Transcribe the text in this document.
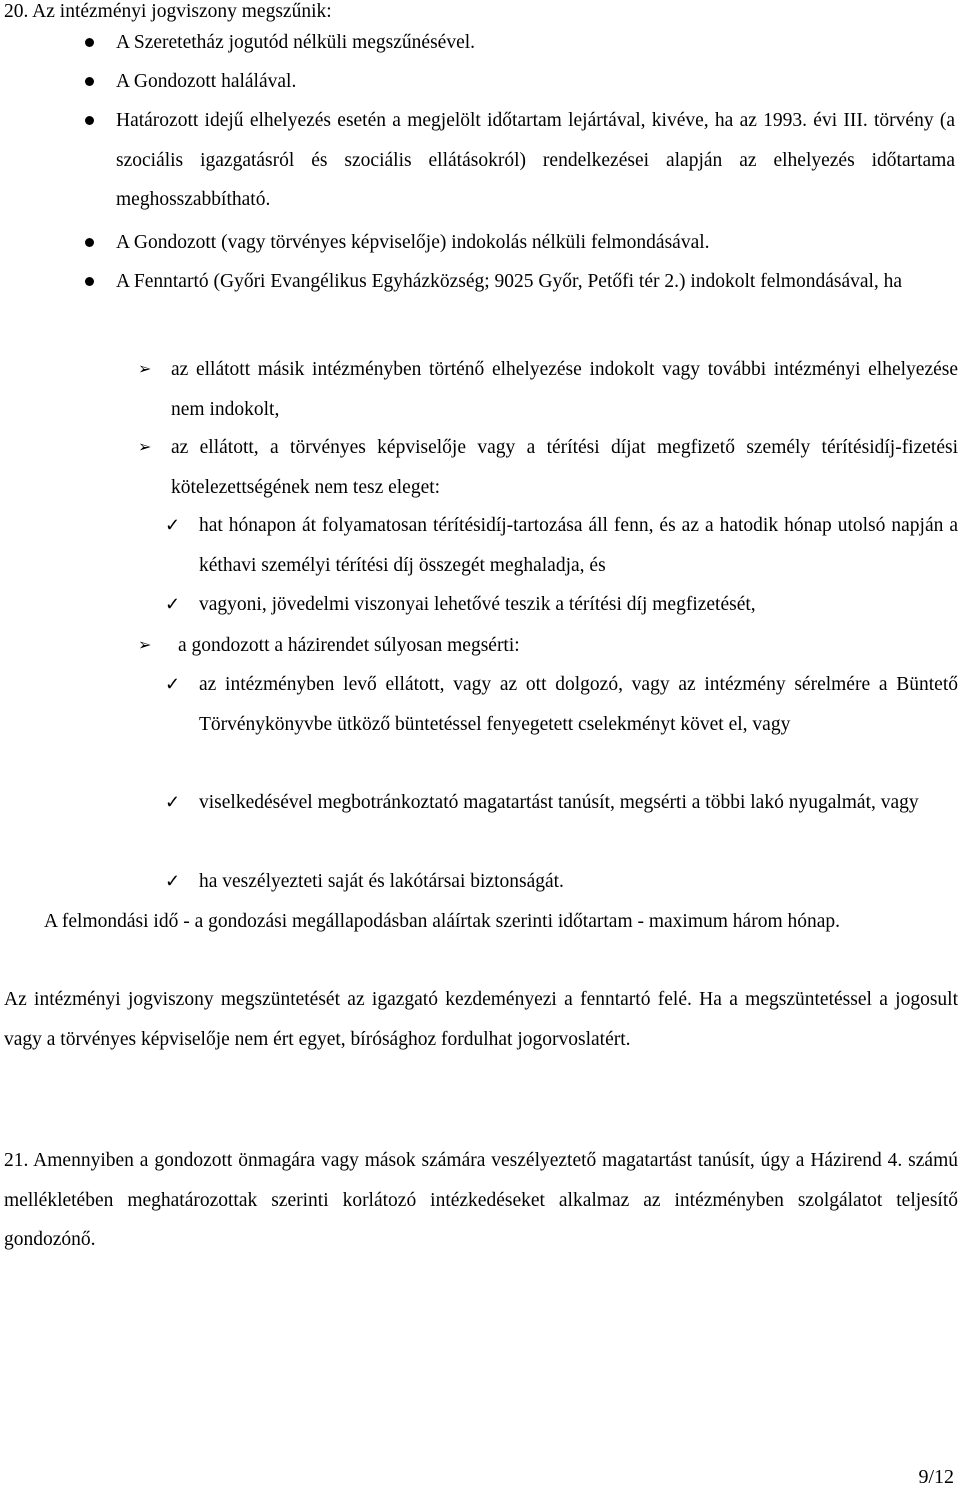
20. Az intézményi jogviszony megszűnik:
A Szeretetház jogutód nélküli megszűnésével.
A Gondozott halálával.
Határozott idejű elhelyezés esetén a megjelölt időtartam lejártával, kivéve, ha az 1993. évi III. törvény (a szociális igazgatásról és szociális ellátásokról) rendelkezései alapján az elhelyezés időtartama meghosszabbítható.
A Gondozott (vagy törvényes képviselője) indokolás nélküli felmondásával.
A Fenntartó (Győri Evangélikus Egyházközség; 9025 Győr, Petőfi tér 2.) indokolt felmondásával, ha
➢ az ellátott másik intézményben történő elhelyezése indokolt vagy további intézményi elhelyezése nem indokolt,
➢ az ellátott, a törvényes képviselője vagy a térítési díjat megfizető személy térítésidíj-fizetési kötelezettségének nem tesz eleget:
✓ hat hónapon át folyamatosan térítésidíj-tartozása áll fenn, és az a hatodik hónap utolsó napján a kéthavi személyi térítési díj összegét meghaladja, és
✓ vagyoni, jövedelmi viszonyai lehetővé teszik a térítési díj megfizetését,
➢ a gondozott a házirendet súlyosan megsérti:
✓ az intézményben levő ellátott, vagy az ott dolgozó, vagy az intézmény sérelmére a Büntető Törvénykönyvbe ütköző büntetéssel fenyegetett cselekményt követ el, vagy
✓ viselkedésével megbotránkoztató magatartást tanúsít, megsérti a többi lakó nyugalmát, vagy
✓ ha veszélyezteti saját és lakótársai biztonságát.
A felmondási idő - a gondozási megállapodásban aláírtak szerinti időtartam - maximum három hónap.
Az intézményi jogviszony megszüntetését az igazgató kezdeményezi a fenntartó felé. Ha a megszüntetéssel a jogosult vagy a törvényes képviselője nem ért egyet, bírósághoz fordulhat jogorvoslatért.
21. Amennyiben a gondozott önmagára vagy mások számára veszélyeztető magatartást tanúsít, úgy a Házirend 4. számú mellékletében meghatározottak szerinti korlátozó intézkedéseket alkalmaz az intézményben szolgálatot teljesítő gondozónő.
9/12
